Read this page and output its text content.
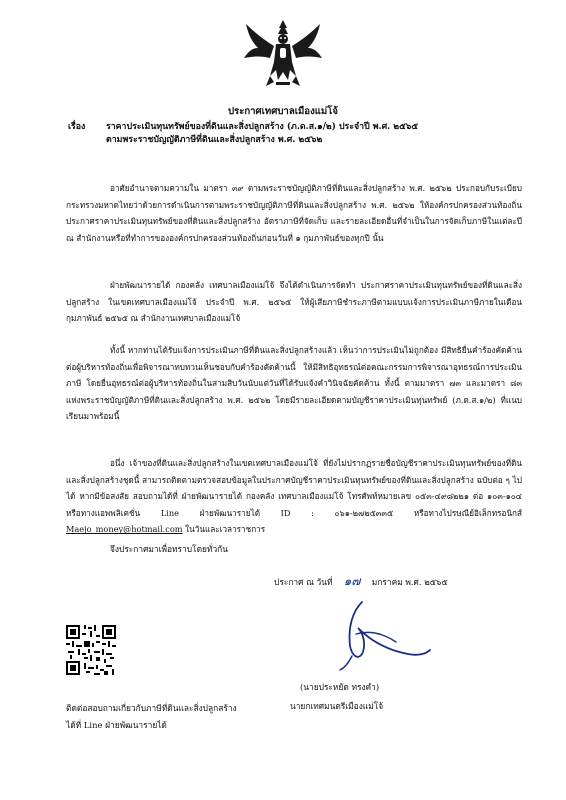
ประกาศเทศบาลเมืองแม่โจ้
เรื่อง ราคาประเมินทุนทรัพย์ของที่ดินและสิ่งปลูกสร้าง (ภ.ด.ส.๑/๒) ประจำปี พ.ศ. ๒๕๖๕
ตามพระราชบัญญัติภาษีที่ดินและสิ่งปลูกสร้าง พ.ศ. ๒๕๖๒

อาศัยอำนาจตามความใน มาตรา ๓๙ ตามพระราชบัญญัติภาษีที่ดินและสิ่งปลูกสร้าง พ.ศ. ๒๕๖๒ ประกอบกับระเบียบกระทรวงมหาดไทยว่าด้วยการดำเนินการตามพระราชบัญญัติภาษีที่ดินและสิ่งปลูกสร้าง พ.ศ. ๒๕๖๒ ให้องค์กรปกครองส่วนท้องถิ่นประกาศราคาประเมินทุนทรัพย์ของที่ดินและสิ่งปลูกสร้าง อัตราภาษีที่จัดเก็บ และรายละเอียดอื่นที่จำเป็นในการจัดเก็บภาษีในแต่ละปี ณ สำนักงานหรือที่ทำการขององค์กรปกครองส่วนท้องถิ่นก่อนวันที่ ๑ กุมภาพันธ์ของทุกปี นั้น

ฝ่ายพัฒนารายได้ กองคลัง เทศบาลเมืองแม่โจ้ จึงได้ดำเนินการจัดทำ ประกาศราคาประเมินทุนทรัพย์ของที่ดินและสิ่งปลูกสร้าง ในเขตเทศบาลเมืองแม่โจ้ ประจำปี พ.ศ. ๒๕๖๕ ให้ผู้เสียภาษีชำระภาษีตามแบบแจ้งการประเมินภาษีภายในเดือน กุมภาพันธ์ ๒๕๖๕ ณ สำนักงานเทศบาลเมืองแม่โจ้

ทั้งนี้ หากท่านได้รับแจ้งการประเมินภาษีที่ดินและสิ่งปลูกสร้างแล้ว เห็นว่าการประเมินไม่ถูกต้อง มีสิทธิยื่นคำร้องคัดค้านต่อผู้บริหารท้องถิ่นเพื่อพิจารณาทบทวนเห็นชอบกับคำร้องคัดค้านนี้ ให้มีสิทธิอุทธรณ์ต่อคณะกรรมการพิจารณาอุทธรณ์การประเมินภาษี โดยยื่นอุทธรณ์ต่อผู้บริหารท้องถิ่นในสามสิบวันนับแต่วันที่ได้รับแจ้งคำวินิจฉัยคัดค้าน ทั้งนี้ ตามมาตรา ๗๓ และมาตรา ๘๓ แห่งพระราชบัญญัติภาษีที่ดินและสิ่งปลูกสร้าง พ.ศ. ๒๕๖๒ โดยมีรายละเอียดตามบัญชีราคาประเมินทุนทรัพย์ (ภ.ด.ส.๑/๒) ที่แนบเรียนมาพร้อมนี้

อนึ่ง เจ้าของที่ดินและสิ่งปลูกสร้างในเขตเทศบาลเมืองแม่โจ้ ที่ยังไม่ปรากฏรายชื่อบัญชีราคาประเมินทุนทรัพย์ของที่ดินและสิ่งปลูกสร้างชุดนี้ สามารถติดตามตรวจสอบข้อมูลในประกาศบัญชีราคาประเมินทุนทรัพย์ของที่ดินและสิ่งปลูกสร้าง ฉบับต่อ ๆ ไปได้ หากมีข้อสงสัย สอบถามได้ที่ ฝ่ายพัฒนารายได้ กองคลัง เทศบาลเมืองแม่โจ้ โทรศัพท์หมายเลข ๐๕๓-๔๙๘๒๒๑ ต่อ ๑๐๓-๑๐๔ หรือทางแอพพลิเคชั่น Line ฝ่ายพัฒนารายได้ ID : ๐๖๑-๒๗๒๕๓๓๕ หรือทางไปรษณีย์อิเล็กทรอนิกส์ Maejo_money@hotmail.com ในวันและเวลาราชการ

จึงประกาศมาเพื่อทราบโดยทั่วกัน
ประกาศ ณ วันที่ ๑๗ มกราคม พ.ศ. ๒๕๖๕
(นายประหยัด ทรงคำ)
นายกเทศมนตรีเมืองแม่โจ้
ติดต่อสอบถามเกี่ยวกับภาษีที่ดินและสิ่งปลูกสร้าง
ได้ที่ Line ฝ่ายพัฒนารายได้
